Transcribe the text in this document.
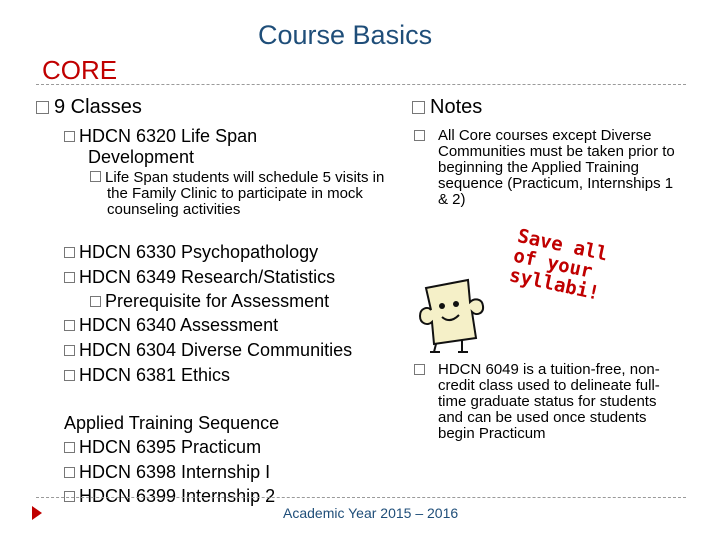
Course Basics
CORE
9 Classes
HDCN 6320 Life Span
Development
Life Span students will schedule 5 visits in the Family Clinic to participate in mock counseling activities
HDCN 6330 Psychopathology
HDCN 6349 Research/Statistics
Prerequisite for Assessment
HDCN 6340 Assessment
HDCN 6304 Diverse Communities
HDCN 6381 Ethics
Applied Training Sequence
HDCN 6395 Practicum
HDCN 6398 Internship I
HDCN 6399 Internship 2
Notes
All Core courses except Diverse Communities must be taken prior to beginning the Applied Training sequence (Practicum, Internships 1 & 2)
Save all of your syllabi!
HDCN 6049 is a tuition-free, non-credit class used to delineate full-time graduate status for students and can be used once students begin Practicum
Academic Year 2015 – 2016
